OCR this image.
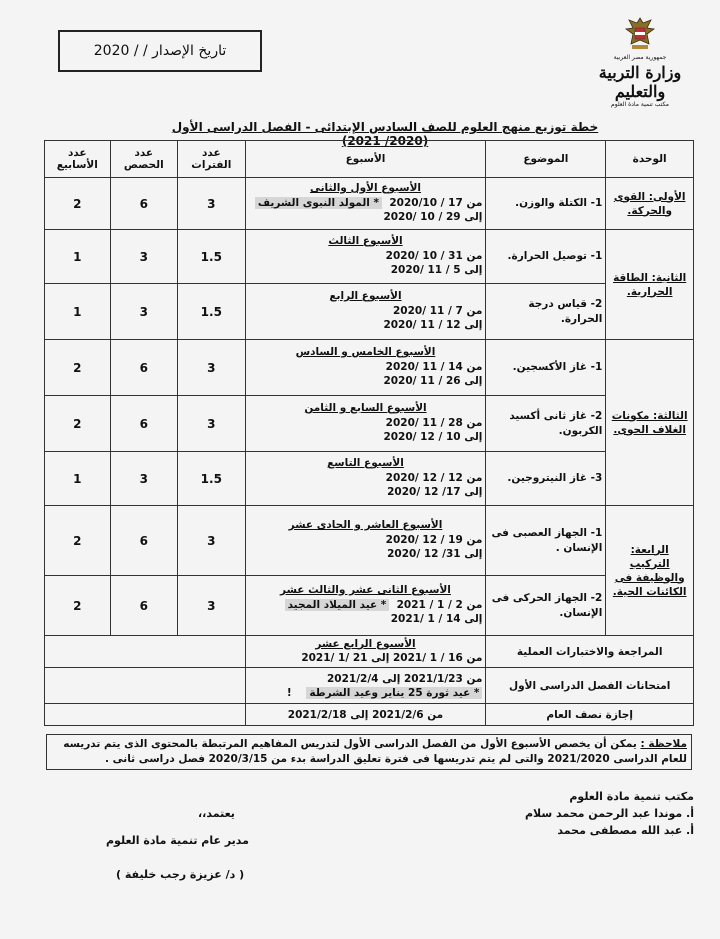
تاريخ الإصدار / / 2020	جمهورية مصر العربية
وزارة التربية والتعليم
مكتب تنمية مادة العلوم
خطة توزيع منهج العلوم للصف السادس الإبتدائى - الفصل الدراسى الأول (2020/ 2021)
الوحدة	الموضوع	الأسبوع	عدد الفترات	عدد الحصص	عدد الأسابيع
الأولى: القوى والحركة.	1- الكتلة والوزن.	الأسبوع الأول والثانى
من 17 / 2020/10  * المولد النبوى الشريف
إلى 29 / 10 /2020	3	6	2
الثانية: الطاقة الحرارية.	1- توصيل الحرارة.	الأسبوع الثالث
من 31 / 10 /2020
إلى 5 / 11 /2020	1.5	3	1
	2- قياس درجة الحرارة.	الأسبوع الرابع
من 7 / 11 /2020
إلى 12 / 11 /2020	1.5	3	1
الثالثة: مكونات الغلاف الجوى.	1- غاز الأكسجين.	الأسبوع الخامس و السادس
من 14 / 11 /2020
إلى 26 / 11 /2020	3	6	2
	2- غاز ثانى أكسيد الكربون.	الأسبوع السابع و الثامن
من 28 / 11 /2020
إلى 10 / 12 /2020	3	6	2
	3- غاز النيتروجين.	الأسبوع التاسع
من 12 / 12 /2020
إلى 17/ 12 /2020	1.5	3	1
الرابعة: التركيب والوظيفة فى الكائنات الحية.	1- الجهاز العصبى فى الإنسان .	الأسبوع العاشر و الحادى عشر
من 19 / 12 /2020
إلى 31/ 12 /2020	3	6	2
	2- الجهاز الحركى فى الإنسان.	الأسبوع الثانى عشر والثالث عشر
من 2 / 1 / 2021  * عيد الميلاد المجيد
إلى 14 / 1 /2021	3	6	2
المراجعة والاختبارات العملية		الأسبوع الرابع عشر
من 16 / 1 /2021 إلى 21 /1 /2021			

امتحانات الفصل الدراسى الأول		من 2021/1/23 إلى 2021/2/4
* عيد ثورة 25 يناير وعيد الشرطة    !			

إجازة نصف العام		من 2021/2/6 إلى 2021/2/18			
ملاحظة : يمكن أن يخصص الأسبوع الأول من الفصل الدراسى الأول لتدريس المفاهيم المرتبطة بالمحتوى الذى يتم تدريسه للعام الدراسى 2021/2020 والتى لم يتم تدريسها فى فترة تعليق الدراسة بدء من 2020/3/15 فصل دراسى ثانى .
مكتب تنمية مادة العلوم
أ. موندا عبد الرحمن محمد سلام
أ. عبد الله مصطفى محمد
يعتمد،،
مدير عام تنمية مادة العلوم
( د/ عزيزة رجب خليفة )
